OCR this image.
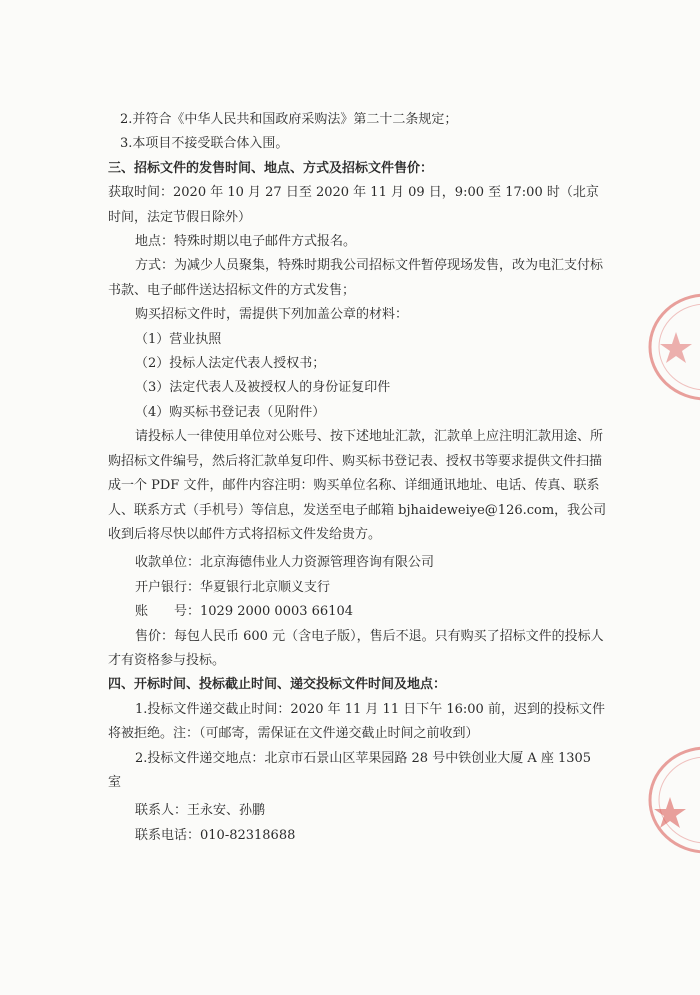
2.并符合《中华人民共和国政府采购法》第二十二条规定；

3.本项目不接受联合体入围。

三、招标文件的发售时间、地点、方式及招标文件售价：

获取时间：2020 年 10 月 27 日至 2020 年 11 月 09 日，9:00 至 17:00 时（北京时间，法定节假日除外）

地点：特殊时期以电子邮件方式报名。

方式：为减少人员聚集，特殊时期我公司招标文件暂停现场发售，改为电汇支付标书款、电子邮件送达招标文件的方式发售；

购买招标文件时，需提供下列加盖公章的材料：

（1）营业执照

（2）投标人法定代表人授权书；

（3）法定代表人及被授权人的身份证复印件

（4）购买标书登记表（见附件）

请投标人一律使用单位对公账号、按下述地址汇款，汇款单上应注明汇款用途、所购招标文件编号，然后将汇款单复印件、购买标书登记表、授权书等要求提供文件扫描成一个 PDF 文件，邮件内容注明：购买单位名称、详细通讯地址、电话、传真、联系人、联系方式（手机号）等信息，发送至电子邮箱 bjhaideweiye@126.com，我公司收到后将尽快以邮件方式将招标文件发给贵方。

收款单位：北京海德伟业人力资源管理咨询有限公司

开户银行：华夏银行北京顺义支行

账　　号：1029 2000 0003 66104

售价：每包人民币 600 元（含电子版），售后不退。只有购买了招标文件的投标人才有资格参与投标。

四、开标时间、投标截止时间、递交投标文件时间及地点：

1.投标文件递交截止时间：2020 年 11 月 11 日下午 16:00 前，迟到的投标文件将被拒绝。注：（可邮寄，需保证在文件递交截止时间之前收到）

2.投标文件递交地点：北京市石景山区苹果园路 28 号中铁创业大厦 A 座 1305 室

联系人：王永安、孙鹏

联系电话：010-82318688
